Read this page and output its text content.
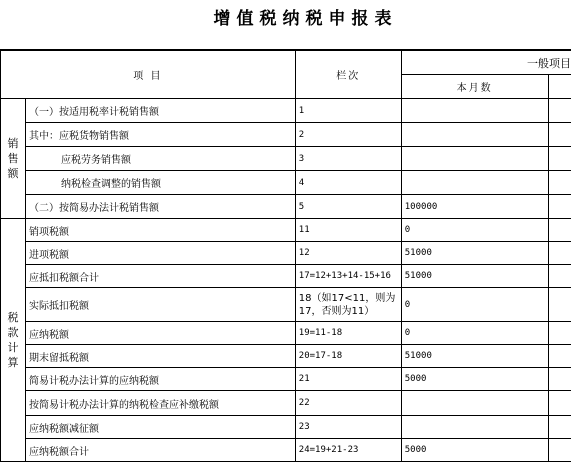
增值税纳税申报表
项 目		栏次	一般项目	
			本月数	

销售额	（一）按适用税率计税销售额	1		
	其中：应税货物销售额	2		
	应税劳务销售额	3		
	纳税检查调整的销售额	4		
	（二）按简易办法计税销售额	5	100000	

税款计算	销项税额	11	0	
	进项税额	12	51000	
	应抵扣税额合计	17=12+13+14-15+16	51000	
	实际抵扣税额	18（如17<11，则为17，否则为11）	0	
	应纳税额	19=11-18	0	
	期末留抵税额	20=17-18	51000	
	简易计税办法计算的应纳税额	21	5000	
	按简易计税办法计算的纳税检查应补缴税额	22		
	应纳税额减征额	23		
	应纳税额合计	24=19+21-23	5000	
